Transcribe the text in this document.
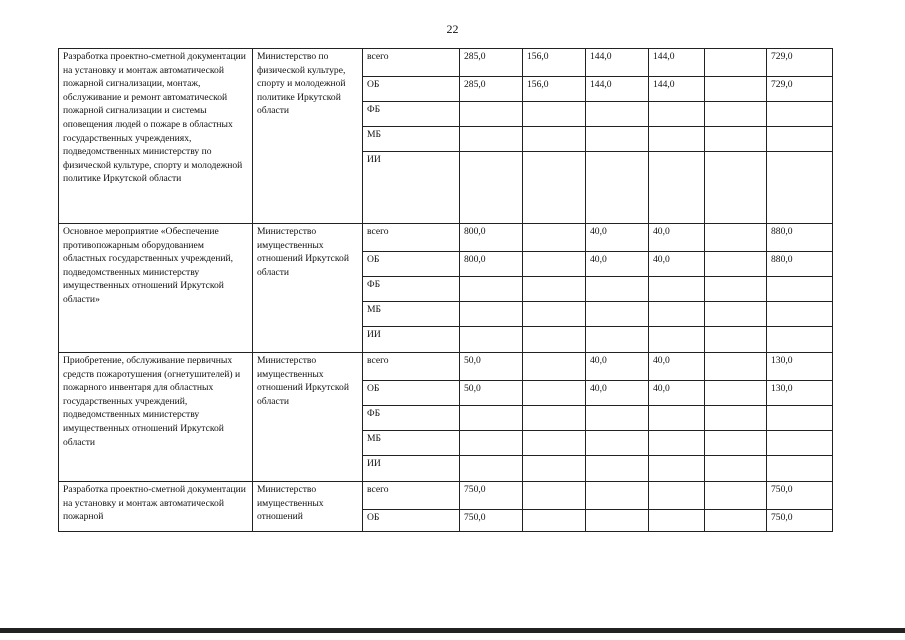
22
Разработка проектно-сметной документации на установку и монтаж автоматической пожарной сигнализации, монтаж, обслуживание и ремонт автоматической пожарной сигнализации и системы оповещения людей о пожаре в областных государственных учреждениях, подведомственных министерству по физической культуре, спорту и молодежной политике Иркутской области	Министерство по физической культуре, спорту и молодежной политике Иркутской области	всего	285,0	156,0	144,0	144,0		729,0
		ОБ	285,0	156,0	144,0	144,0		729,0
		ФБ						
		МБ						
		ИИ						
Основное мероприятие «Обеспечение противопожарным оборудованием областных государственных учреждений, подведомственных министерству имущественных отношений Иркутской области»	Министерство имущественных отношений Иркутской области	всего	800,0		40,0	40,0		880,0
		ОБ	800,0		40,0	40,0		880,0
		ФБ						
		МБ						
		ИИ						
Приобретение, обслуживание первичных средств пожаротушения (огнетушителей) и пожарного инвентаря для областных государственных учреждений, подведомственных министерству имущественных отношений Иркутской области	Министерство имущественных отношений Иркутской области	всего	50,0		40,0	40,0		130,0
		ОБ	50,0		40,0	40,0		130,0
		ФБ						
		МБ						
		ИИ						
Разработка проектно-сметной документации на установку и монтаж автоматической пожарной	Министерство имущественных отношений	всего	750,0					750,0
		ОБ	750,0					750,0
